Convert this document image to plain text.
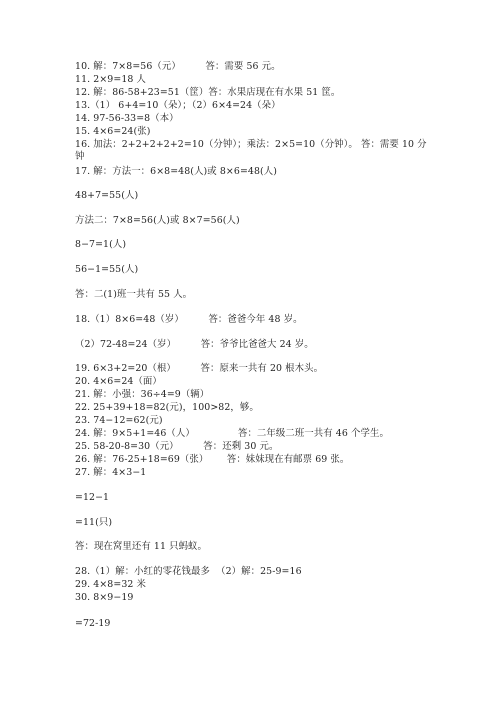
10. 解：7×8=56（元）        答：需要 56 元。
11. 2×9=18 人
12. 解：86-58+23=51（筐）答：水果店现在有水果 51 筐。
13.（1） 6+4=10（朵）；（2）6×4=24（朵）
14. 97-56-33=8（本）
15. 4×6=24(张)
16. 加法：2+2+2+2+2=10（分钟）；乘法：2×5=10（分钟）。 答：需要 10 分钟
17. 解：方法一：6×8=48(人)或 8×6=48(人)
48+7=55(人)
方法二：7×8=56(人)或 8×7=56(人)
8−7=1(人)
56−1=55(人)
答：二(1)班一共有 55 人。
18.（1）8×6=48（岁）        答：爸爸今年 48 岁。
（2）72-48=24（岁）        答：爷爷比爸爸大 24 岁。
19. 6×3+2=20（根）        答：原来一共有 20 根木头。
20. 4×6=24（面）
21. 解：小强：36÷4=9（辆）
22. 25+39+18=82(元)，100>82，够。
23. 74−12=62(元)
24. 解：9×5+1=46（人）              答：二年级二班一共有 46 个学生。
25. 58-20-8=30（元）        答：还剩 30 元。
26. 解：76-25+18=69（张）      答：妹妹现在有邮票 69 张。
27. 解：4×3−1
=12−1
=11(只)
答：现在窝里还有 11 只蚂蚁。
28.（1）解：小红的零花钱最多  （2）解：25-9=16
29. 4×8=32 米
30. 8×9−19
=72-19
